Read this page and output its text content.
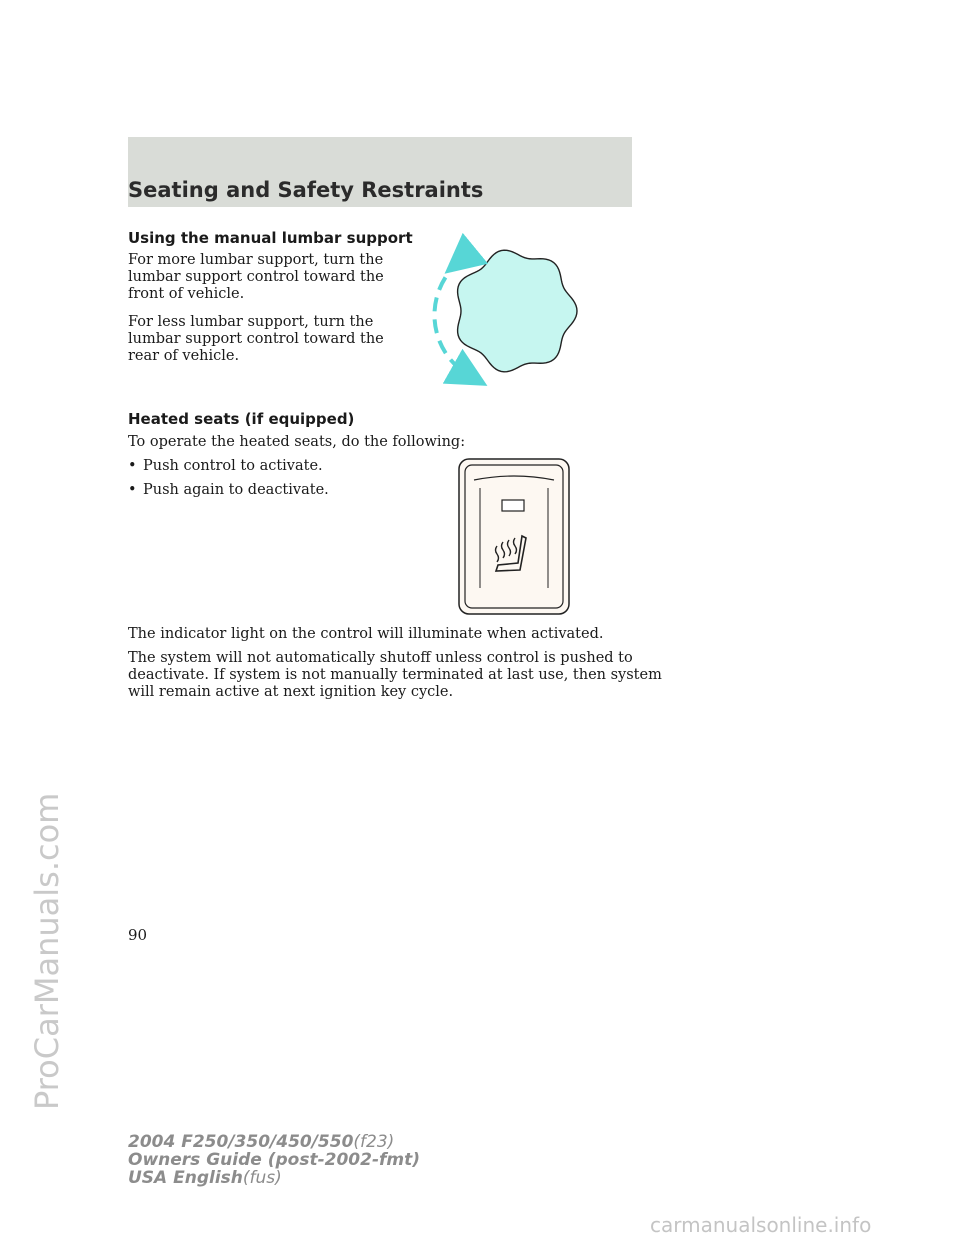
Seating and Safety Restraints
Using the manual lumbar support
For more lumbar support, turn the
lumbar support control toward the
front of vehicle.
For less lumbar support, turn the
lumbar support control toward the
rear of vehicle.
Heated seats (if equipped)
To operate the heated seats, do the following:
• Push control to activate.
• Push again to deactivate.
The indicator light on the control will illuminate when activated.
The system will not automatically shutoff unless control is pushed to
deactivate. If system is not manually terminated at last use, then system
will remain active at next ignition key cycle.
90
2004 F250/350/450/550(f23)
Owners Guide (post-2002-fmt)
USA English(fus)
ProCarManuals.com
carmanualsonline.info
